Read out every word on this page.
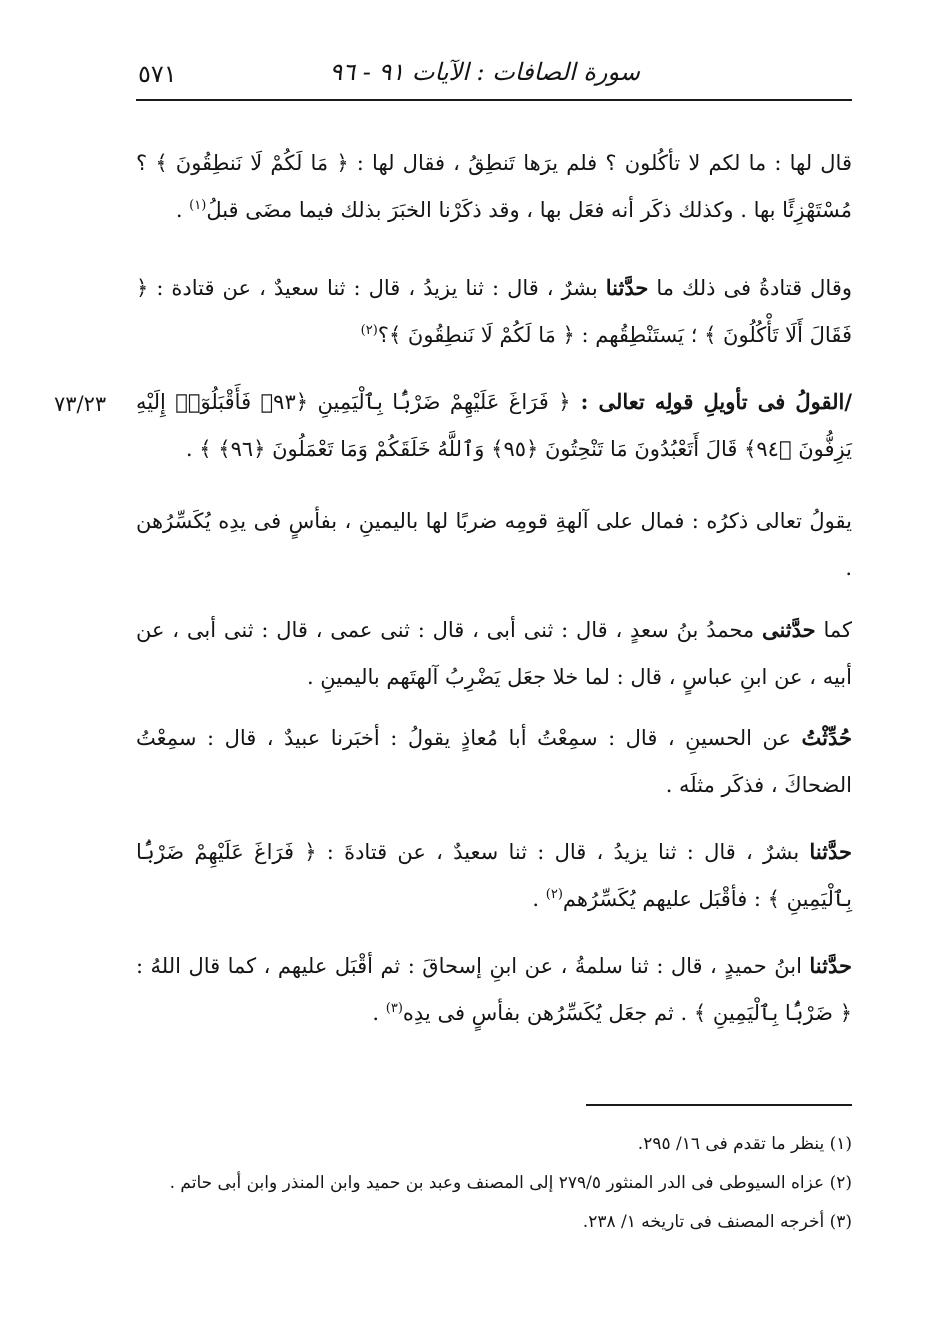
٥٧١	سورة الصافات : الآيات ٩١ - ٩٦
٧٣/٢٣

قال لها : ما لكم لا تأكُلون ؟ فلم يرَها تَنطِقُ ، فقال لها : ﴿ مَا لَكُمْ لَا نَنطِقُونَ ﴾ ؟ مُسْتَهْزِئًا بها . وكذلك ذكَر أنه فعَل بها ، وقد ذكَرْنا الخبَرَ بذلك فيما مضَى قبلُ$^{(١)}$ .

وقال قتادةُ فى ذلك ما حدَّثنا بشرٌ ، قال : ثنا يزيدُ ، قال : ثنا سعيدٌ ، عن قتادة : ﴿ فَقَالَ أَلَا تَأْكُلُونَ ﴾ ؛ يَستَنْطِقُهم : ﴿ مَا لَكُمْ لَا نَنطِقُونَ ﴾؟$^{(٢)}$

/القولُ فى تأويلِ قولِه تعالى : ﴿ فَرَاغَ عَلَيْهِمْ ضَرْبًۢا بِٱلْيَمِينِ ﴿٩٣﴾ فَأَقْبَلُوٓا۟ إِلَيْهِ يَزِفُّونَ ﴿٩٤﴾ قَالَ أَتَعْبُدُونَ مَا تَنْحِتُونَ ﴿٩٥﴾ وَٱللَّهُ خَلَقَكُمْ وَمَا تَعْمَلُونَ ﴿٩٦﴾ ﴾ .

يقولُ تعالى ذكرُه : فمال على آلهةِ قومِه ضربًا لها باليمينِ ، بفأسٍ فى يدِه يُكَسِّرُهن .

كما حدَّثنى محمدُ بنُ سعدٍ ، قال : ثنى أبى ، قال : ثنى عمى ، قال : ثنى أبى ، عن أبيه ، عن ابنِ عباسٍ ، قال : لما خلا جعَل يَضْرِبُ آلهتَهم باليمينِ .

حُدِّثْتُ عن الحسينِ ، قال : سمِعْتُ أبا مُعاذٍ يقولُ : أخبَرنا عبيدٌ ، قال : سمِعْتُ الضحاكَ ، فذكَر مثلَه .

حدَّثنا بشرٌ ، قال : ثنا يزيدُ ، قال : ثنا سعيدٌ ، عن قتادةَ : ﴿ فَرَاغَ عَلَيْهِمْ ضَرْبًۢا بِٱلْيَمِينِ ﴾ : فأقْبَل عليهم يُكَسِّرُهم$^{(٢)}$ .

حدَّثنا ابنُ حميدٍ ، قال : ثنا سلمةُ ، عن ابنِ إسحاقَ : ثم أقْبَل عليهم ، كما قال اللهُ : ﴿ ضَرْبًۢا بِٱلْيَمِينِ ﴾ . ثم جعَل يُكَسِّرُهن بفأسٍ فى يدِه$^{(٣)}$ .

(١) ينظر ما تقدم فى ١٦/ ٢٩٥.
(٢) عزاه السيوطى فى الدر المنثور ٢٧٩/٥ إلى المصنف وعبد بن حميد وابن المنذر وابن أبى حاتم .
(٣) أخرجه المصنف فى تاريخه ١/ ٢٣٨.
